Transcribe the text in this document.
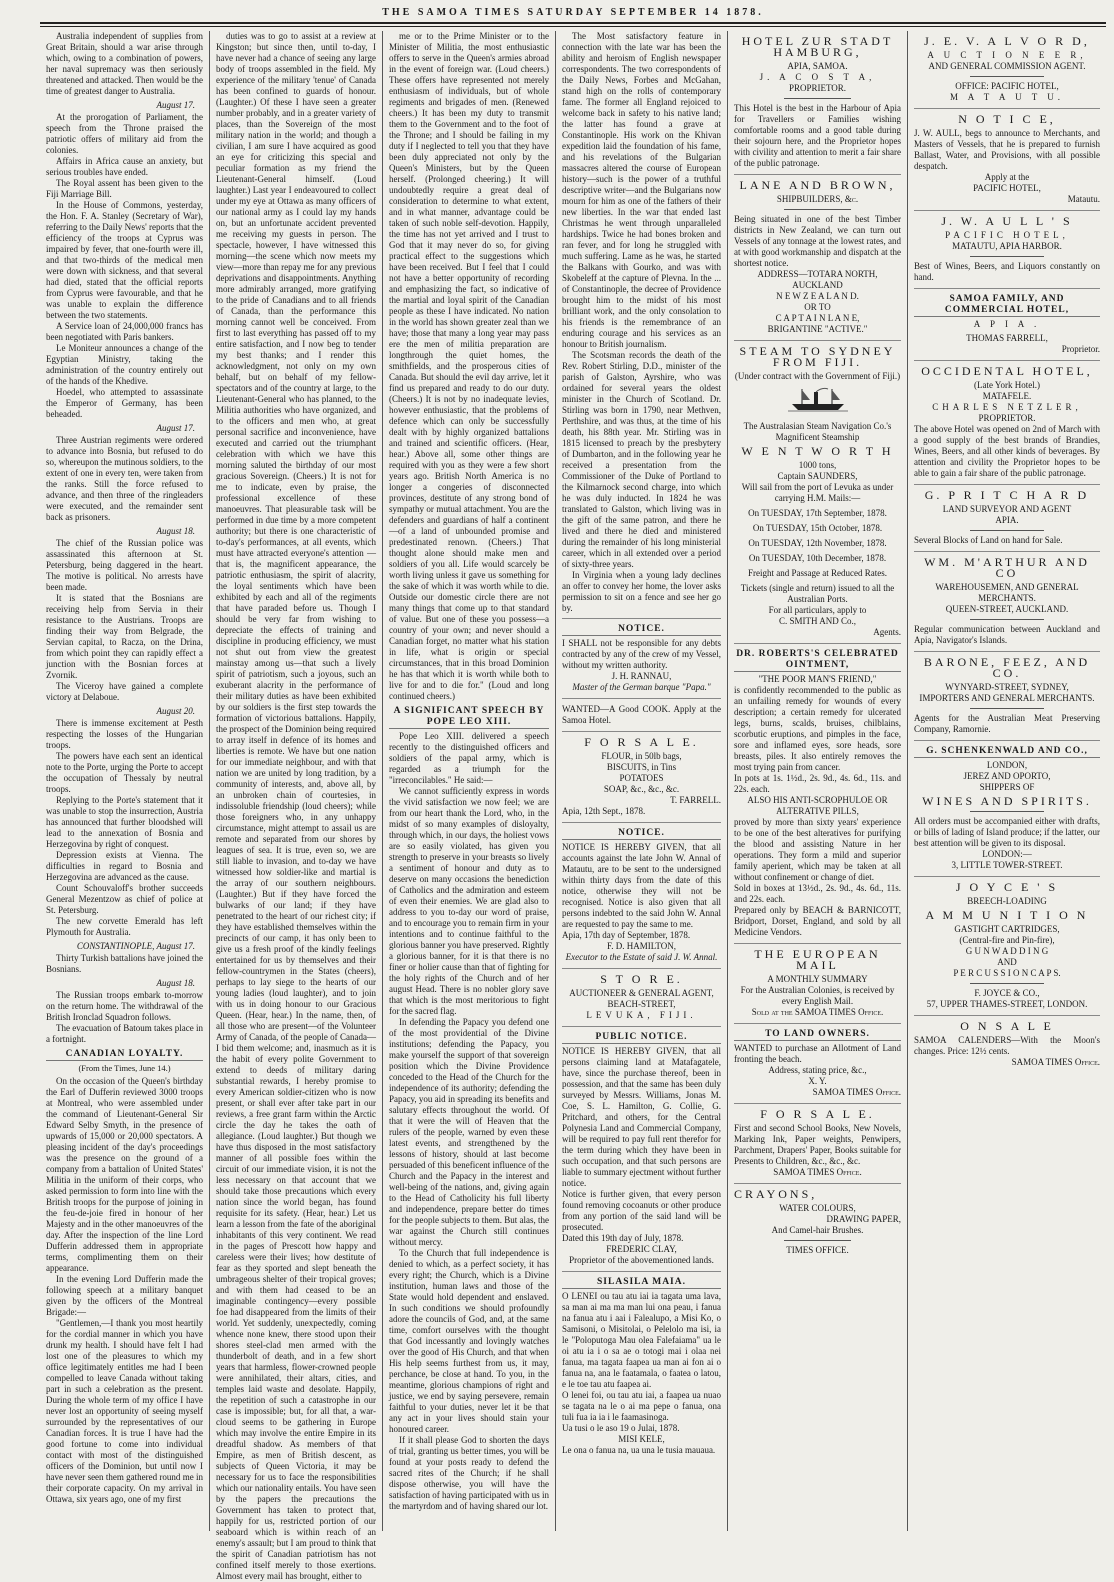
THE SAMOA TIMES SATURDAY SEPTEMBER 14 1878.

Australia independent of supplies from Great Britain, should a war arise through which, owing to a combination of powers, her naval supremacy was then seriously threatened and attacked. Then would be the time of greatest danger to Australia.

August 17.

At the prorogation of Parliament, the speech from the Throne praised the patriotic offers of military aid from the colonies.

Affairs in Africa cause an anxiety, but serious troubles have ended.

The Royal assent has been given to the Fiji Marriage Bill.

In the House of Commons, yesterday, the Hon. F. A. Stanley (Secretary of War), referring to the Daily News' reports that the efficiency of the troops at Cyprus was impaired by fever, that one-fourth were ill, and that two-thirds of the medical men were down with sickness, and that several had died, stated that the official reports from Cyprus were favourable, and that he was unable to explain the difference between the two statements.

A Service loan of 24,000,000 francs has been negotiated with Paris bankers.

Le Moniteur announces a change of the Egyptian Ministry, taking the administration of the country entirely out of the hands of the Khedive.

Hoedel, who attempted to assassinate the Emperor of Germany, has been beheaded.

August 17.

Three Austrian regiments were ordered to advance into Bosnia, but refused to do so, whereupon the mutinous soldiers, to the extent of one in every ten, were taken from the ranks. Still the force refused to advance, and then three of the ringleaders were executed, and the remainder sent back as prisoners.

August 18.

The chief of the Russian police was assassinated this afternoon at St. Petersburg, being daggered in the heart. The motive is political. No arrests have been made.

It is stated that the Bosnians are receiving help from Servia in their resistance to the Austrians. Troops are finding their way from Belgrade, the Servian capital, to Racza, on the Drina, from which point they can rapidly effect a junction with the Bosnian forces at Zvornik.

The Viceroy have gained a complete victory at Delaboue.

August 20.

There is immense excitement at Pesth respecting the losses of the Hungarian troops.

The powers have each sent an identical note to the Porte, urging the Porte to accept the occupation of Thessaly by neutral troops.

Replying to the Porte's statement that it was unable to stop the insurrection, Austria has announced that further bloodshed will lead to the annexation of Bosnia and Herzegovina by right of conquest.

Depression exists at Vienna. The difficulties in regard to Bosnia and Herzegovina are advanced as the cause.

Count Schouvaloff's brother succeeds General Mezentzow as chief of police at St. Petersburg.

The new corvette Emerald has left Plymouth for Australia.

CONSTANTINOPLE, August 17.

Thirty Turkish battalions have joined the Bosnians.

August 18.

The Russian troops embark to-morrow on the return home. The withdrawal of the British Ironclad Squadron follows.

The evacuation of Batoum takes place in a fortnight.

CANADIAN LOYALTY.
(From the Times, June 14.)

On the occasion of the Queen's birthday the Earl of Dufferin reviewed 3000 troops at Montreal, who were assembled under the command of Lieutenant-General Sir Edward Selby Smyth, in the presence of upwards of 15,000 or 20,000 spectators. A pleasing incident of the day's proceedings was the presence on the ground of a company from a battalion of United States' Militia in the uniform of their corps, who asked permission to form into line with the British troops for the purpose of joining in the feu-de-joie fired in honour of her Majesty and in the other manoeuvres of the day. After the inspection of the line Lord Dufferin addressed them in appropriate terms, complimenting them on their appearance.

In the evening Lord Dufferin made the following speech at a military banquet given by the officers of the Montreal Brigade:—

"Gentlemen,—I thank you most heartily for the cordial manner in which you have drunk my health. I should have felt I had lost one of the pleasures to which my office legitimately entitles me had I been compelled to leave Canada without taking part in such a celebration as the present. During the whole term of my office I have never lost an opportunity of seeing myself surrounded by the representatives of our Canadian forces. It is true I have had the good fortune to come into individual contact with most of the distinguished officers of the Dominion, but until now I have never seen them gathered round me in their corporate capacity. On my arrival in Ottawa, six years ago, one of my first

duties was to go to assist at a review at Kingston; but since then, until to-day, I have never had a chance of seeing any large body of troops assembled in the field. My experience of the military 'tenue' of Canada has been confined to guards of honour. (Laughter.) Of these I have seen a greater number probably, and in a greater variety of places, than the Sovereign of the most military nation in the world; and though a civilian, I am sure I have acquired as good an eye for criticizing this special and peculiar formation as my friend the Lieutenant-General himself. (Loud laughter.) Last year I endeavoured to collect under my eye at Ottawa as many officers of our national army as I could lay my hands on, but an unfortunate accident prevented me receiving my guests in person. The spectacle, however, I have witnessed this morning—the scene which now meets my view—more than repay me for any previous deprivations and disappointments. Anything more admirably arranged, more gratifying to the pride of Canadians and to all friends of Canada, than the performance this morning cannot well be conceived. From first to last everything has passed off to my entire satisfaction, and I now beg to tender my best thanks; and I render this acknowledgment, not only on my own behalf, but on behalf of my fellow-spectators and of the country at large, to the Lieutenant-General who has planned, to the Militia authorities who have organized, and to the officers and men who, at great personal sacrifice and inconvenience, have executed and carried out the triumphant celebration with which we have this morning saluted the birthday of our most gracious Sovereign. (Cheers.) It is not for me to indicate, even by praise, the professional excellence of these manoeuvres. That pleasurable task will be performed in due time by a more competent authority; but there is one characteristic of to-day's performances, at all events, which must have attracted everyone's attention —that is, the magnificent appearance, the patriotic enthusiasm, the spirit of alacrity, the loyal sentiments which have been exhibited by each and all of the regiments that have paraded before us. Though I should be very far from wishing to depreciate the effects of training and discipline in producing efficiency, we must not shut out from view the greatest mainstay among us—that such a lively spirit of patriotism, such a joyous, such an exuberant alacrity in the performance of their military duties as have been exhibited by our soldiers is the first step towards the formation of victorious battalions. Happily, the prospect of the Dominion being required to array itself in defence of its homes and liberties is remote. We have but one nation for our immediate neighbour, and with that nation we are united by long tradition, by a community of interests, and, above all, by an unbroken chain of courtesies, in indissoluble friendship (loud cheers); while those foreigners who, in any unhappy circumstance, might attempt to assail us are remote and separated from our shores by leagues of sea. It is true, even so, we are still liable to invasion, and to-day we have witnessed how soldier-like and martial is the array of our southern neighbours. (Laughter.) But if they have forced the bulwarks of our land; if they have penetrated to the heart of our richest city; if they have established themselves within the precincts of our camp, it has only been to give us a fresh proof of the kindly feelings entertained for us by themselves and their fellow-countrymen in the States (cheers), perhaps to lay siege to the hearts of our young ladies (loud laughter), and to join with us in doing honour to our Gracious Queen. (Hear, hear.) In the name, then, of all those who are present—of the Volunteer Army of Canada, of the people of Canada—I bid them welcome; and, inasmuch as it is the habit of every polite Government to extend to deeds of military daring substantial rewards, I hereby promise to every American soldier-citizen who is now present, or shall ever after take part in our reviews, a free grant farm within the Arctic circle the day he takes the oath of allegiance. (Loud laughter.) But though we have thus disposed in the most satisfactory manner of all possible foes within the circuit of our immediate vision, it is not the less necessary on that account that we should take those precautions which every nation since the world began, has found requisite for its safety. (Hear, hear.) Let us learn a lesson from the fate of the aboriginal inhabitants of this very continent. We read in the pages of Prescott how happy and careless were their lives; how destitute of fear as they sported and slept beneath the umbrageous shelter of their tropical groves; and with them had ceased to be an imaginable contingency—every possible foe had disappeared from the limits of their world. Yet suddenly, unexpectedly, coming whence none knew, there stood upon their shores steel-clad men armed with the thunderbolt of death, and in a few short years that harmless, flower-crowned people were annihilated, their altars, cities, and temples laid waste and desolate. Happily, the repetition of such a catastrophe in our case is impossible; but, for all that, a war-cloud seems to be gathering in Europe which may involve the entire Empire in its dreadful shadow. As members of that Empire, as men of British descent, as subjects of Queen Victoria, it may be necessary for us to face the responsibilities which our nationality entails. You have seen by the papers the precautions the Government has taken to protect that, happily for us, restricted portion of our seaboard which is within reach of an enemy's assault; but I am proud to think that the spirit of Canadian patriotism has not confined itself merely to those exertions. Almost every mail has brought, either to

me or to the Prime Minister or to the Minister of Militia, the most enthusiastic offers to serve in the Queen's armies abroad in the event of foreign war. (Loud cheers.) These offers have represented not merely enthusiasm of individuals, but of whole regiments and brigades of men. (Renewed cheers.) It has been my duty to transmit them to the Government and to the foot of the Throne; and I should be failing in my duty if I neglected to tell you that they have been duly appreciated not only by the Queen's Ministers, but by the Queen herself. (Prolonged cheering.) It will undoubtedly require a great deal of consideration to determine to what extent, and in what manner, advantage could be taken of such noble self-devotion. Happily, the time has not yet arrived and I trust to God that it may never do so, for giving practical effect to the suggestions which have been received. But I feel that I could not have a better opportunity of recording and emphasizing the fact, so indicative of the martial and loyal spirit of the Canadian people as these I have indicated. No nation in the world has shown greater zeal than we have; those that many a long year may pass ere the men of militia preparation are longthrough the quiet homes, the smithfields, and the prosperous cities of Canada. But should the evil day arrive, let it find us prepared and ready to do our duty. (Cheers.) It is not by no inadequate levies, however enthusiastic, that the problems of defence which can only be successfully dealt with by highly organized battalions and trained and scientific officers. (Hear, hear.) Above all, some other things are required with you as they were a few short years ago. British North America is no longer a congeries of disconnected provinces, destitute of any strong bond of sympathy or mutual attachment. You are the defenders and guardians of half a continent—of a land of unbounded promise and predestinated renown. (Cheers.) That thought alone should make men and soldiers of you all. Life would scarcely be worth living unless it gave us something for the sake of which it was worth while to die. Outside our domestic circle there are not many things that come up to that standard of value. But one of these you possess—a country of your own; and never should a Canadian forget, no matter what his station in life, what is origin or special circumstances, that in this broad Dominion he has that which it is worth while both to live for and to die for." (Loud and long continued cheers.)

A SIGNIFICANT SPEECH BY POPE LEO XIII.

Pope Leo XIII. delivered a speech recently to the distinguished officers and soldiers of the papal army, which is regarded as a triumph for the "irreconcilables." He said:—

We cannot sufficiently express in words the vivid satisfaction we now feel; we are from our heart thank the Lord, who, in the midst of so many examples of disloyalty, through which, in our days, the holiest vows are so easily violated, has given you strength to preserve in your breasts so lively a sentiment of honour and duty as to deserve on many occasions the benediction of Catholics and the admiration and esteem of even their enemies. We are glad also to address to you to-day our word of praise, and to encourage you to remain firm in your intentions and to continue faithful to the glorious banner you have preserved. Rightly a glorious banner, for it is that there is no finer or holier cause than that of fighting for the holy rights of the Church and of her august Head. There is no nobler glory save that which is the most meritorious to fight for the sacred flag.

In defending the Papacy you defend one of the most providential of the Divine institutions; defending the Papacy, you make yourself the support of that sovereign position which the Divine Providence conceded to the Head of the Church for the independence of its authority; defending the Papacy, you aid in spreading its benefits and salutary effects throughout the world. Of that it were the will of Heaven that the rulers of the people, warned by even these latest events, and strengthened by the lessons of history, should at last become persuaded of this beneficent influence of the Church and the Papacy in the interest and well-being of the nations, and, giving again to the Head of Catholicity his full liberty and independence, prepare better do times for the people subjects to them. But alas, the war against the Church still continues without mercy.

To the Church that full independence is denied to which, as a perfect society, it has every right; the Church, which is a Divine institution, human laws and those of the State would hold dependent and enslaved. In such conditions we should profoundly adore the councils of God, and, at the same time, comfort ourselves with the thought that God incessantly and lovingly watches over the good of His Church, and that when His help seems furthest from us, it may, perchance, be close at hand. To you, in the meantime, glorious champions of right and justice, we end by saying persevere, remain faithful to your duties, never let it be that any act in your lives should stain your honoured career.

If it shall please God to shorten the days of trial, granting us better times, you will be found at your posts ready to defend the sacred rites of the Church; if he shall dispose otherwise, you will have the satisfaction of having participated with us in the martyrdom and of having shared our lot.

The Most satisfactory feature in connection with the late war has been the ability and heroism of English newspaper correspondents. The two correspondents of the Daily News, Forbes and McGahan, stand high on the rolls of contemporary fame. The former all England rejoiced to welcome back in safety to his native land; the latter has found a grave at Constantinople. His work on the Khivan expedition laid the foundation of his fame, and his revelations of the Bulgarian massacres altered the course of European history—such is the power of a truthful descriptive writer—and the Bulgarians now mourn for him as one of the fathers of their new liberties. In the war that ended last Christmas he went through unparalleled hardships. Twice he had bones broken and ran fever, and for long he struggled with much suffering. Lame as he was, he started the Balkans with Gourko, and was with Skobeleff at the capture of Plevna. In the ... of Constantinople, the decree of Providence brought him to the midst of his most brilliant work, and the only consolation to his friends is the remembrance of an enduring courage and his services as an honour to British journalism.

The Scotsman records the death of the Rev. Robert Stirling, D.D., minister of the parish of Galston, Ayrshire, who was ordained for several years the oldest minister in the Church of Scotland. Dr. Stirling was born in 1790, near Methven, Perthshire, and was thus, at the time of his death, his 88th year. Mr. Stirling was in 1815 licensed to preach by the presbytery of Dumbarton, and in the following year he received a presentation from the Commissioner of the Duke of Portland to the Kilmarnock second charge, into which he was duly inducted. In 1824 he was translated to Galston, which living was in the gift of the same patron, and there he lived and there he died and ministered during the remainder of his long ministerial career, which in all extended over a period of sixty-three years.

In Virginia when a young lady declines an offer to convey her home, the lover asks permission to sit on a fence and see her go by.

NOTICE.

I SHALL not be responsible for any debts contracted by any of the crew of my Vessel, without my written authority.

J. H. RANNAU,

Master of the German barque "Papa."

WANTED—A Good COOK. Apply at the Samoa Hotel.

F O R S A L E.

FLOUR, in 50lb bags,

BISCUITS, in Tins

POTATOES

SOAP, &c., &c., &c.

T. FARRELL.

Apia, 12th Sept., 1878.

NOTICE.

NOTICE IS HEREBY GIVEN, that all accounts against the late John W. Annal of Matautu, are to be sent to the undersigned within thirty days from the date of this notice, otherwise they will not be recognised. Notice is also given that all persons indebted to the said John W. Annal are requested to pay the same to me.

Apia, 17th day of September, 1878.

F. D. HAMILTON,

Executor to the Estate of said J. W. Annal.

S T O R E.

AUCTIONEER & GENERAL AGENT,

BEACH-STREET,

LEVUKA, FIJI.

PUBLIC NOTICE.

NOTICE IS HEREBY GIVEN, that all persons claiming land at Matafagatele, have, since the purchase thereof, been in possession, and that the same has been duly surveyed by Messrs. Williams, Jonas M. Coe, S. L. Hamilton, G. Collie, G. Pritchard, and others, for the Central Polynesia Land and Commercial Company, will be required to pay full rent therefor for the term during which they have been in such occupation, and that such persons are liable to summary ejectment without further notice.

Notice is further given, that every person found removing cocoanuts or other produce from any portion of the said land will be prosecuted.

Dated this 19th day of July, 1878.

FREDERIC CLAY,

Proprietor of the abovementioned lands.

SILASILA MAIA.

O LENEI ou tau atu iai ia tagata uma lava, sa man ai ma ma man lui ona peau, i fanua na fanua atu i aai i Falealupo, a Misi Ko, o Samisoni, o Misitolai, o Pelelolo ma isi, ia le "Poloputoga Mau olea Falefaiama" ua le oi atu ia i o sa ae o totogi mai i olaa nei fanua, ma tagata faapea ua man ai fon ai o fanua na, ana le faatamala, o faatea o latou, e le toe tau atu faapea ai.

O lenei foi, ou tau atu iai, a faapea ua nuao se tagata na le o ai ma pepe o fanua, ona tuli fua ia ia i le faamasinoga.

Ua tusi o le aso 19 o Julai, 1878.

MISI KELE,

Le ona o fanua na, ua una le tusia mauaua.

HOTEL ZUR STADT HAMBURG,

APIA, SAMOA.

J. A C O S T A,

PROPRIETOR.

This Hotel is the best in the Harbour of Apia for Travellers or Families wishing comfortable rooms and a good table during their sojourn here, and the Proprietor hopes with civility and attention to merit a fair share of the public patronage.

LANE AND BROWN,

SHIPBUILDERS, &c.

Being situated in one of the best Timber districts in New Zealand, we can turn out Vessels of any tonnage at the lowest rates, and at with good workmanship and dispatch at the shortest notice.

ADDRESS—TOTARA NORTH, AUCKLAND

N E W Z E A L A N D.

OR TO

C A P T A I N L A N E,

BRIGANTINE "ACTIVE."

STEAM TO SYDNEY FROM FIJI.

(Under contract with the Government of Fiji.)

The Australasian Steam Navigation Co.'s Magnificent Steamship

W E N T W O R T H

1000 tons,

Captain SAUNDERS,

Will sail from the port of Levuka as under carrying H.M. Mails:—

On TUESDAY, 17th September, 1878.

On TUESDAY, 15th October, 1878.

On TUESDAY, 12th November, 1878.

On TUESDAY, 10th December, 1878.

Freight and Passage at Reduced Rates.

Tickets (single and return) issued to all the Australian Ports.

For all particulars, apply to

C. SMITH AND Co.,

Agents.

DR. ROBERTS'S CELEBRATED OINTMENT,

"THE POOR MAN'S FRIEND,"

is confidently recommended to the public as an unfailing remedy for wounds of every description; a certain remedy for ulcerated legs, burns, scalds, bruises, chilblains, scorbutic eruptions, and pimples in the face, sore and inflamed eyes, sore heads, sore breasts, piles. It also entirely removes the most trying pain from cancer.

In pots at 1s. 1½d., 2s. 9d., 4s. 6d., 11s. and 22s. each.

ALSO HIS ANTI-SCROPHULOE OR ALTERATIVE PILLS,

proved by more than sixty years' experience to be one of the best alteratives for purifying the blood and assisting Nature in her operations. They form a mild and superior family aperient, which may be taken at all without confinement or change of diet.

Sold in boxes at 13½d., 2s. 9d., 4s. 6d., 11s. and 22s. each.

Prepared only by BEACH & BARNICOTT, Bridport, Dorset, England, and sold by all Medicine Vendors.

THE EUROPEAN MAIL

A MONTHLY SUMMARY

For the Australian Colonies, is received by every English Mail.

Sold at the SAMOA TIMES Office.

TO LAND OWNERS.

WANTED to purchase an Allotment of Land fronting the beach.

Address, stating price, &c.,

X. Y.

SAMOA TIMES Office.

F O R S A L E.

First and second School Books, New Novels, Marking Ink, Paper weights, Penwipers, Parchment, Drapers' Paper, Books suitable for Presents to Children, &c., &c., &c.

SAMOA TIMES Office.

CRAYONS,

WATER COLOURS,

DRAWING PAPER,

And Camel-hair Brushes.

TIMES OFFICE.

J. E. V. A L V O R D,

A U C T I O N E E R,

AND GENERAL COMMISSION AGENT.

OFFICE: PACIFIC HOTEL,

M A T A U T U.

N O T I C E,

J. W. AULL, begs to announce to Merchants, and Masters of Vessels, that he is prepared to furnish Ballast, Water, and Provisions, with all possible despatch.

Apply at the

PACIFIC HOTEL,

Matautu.

J. W. A U L L ' S

PACIFIC HOTEL,

MATAUTU, APIA HARBOR.

Best of Wines, Beers, and Liquors constantly on hand.

SAMOA FAMILY, AND COMMERCIAL HOTEL,

A P I A .

THOMAS FARRELL,

Proprietor.

OCCIDENTAL HOTEL,

(Late York Hotel.)

MATAFELE.

CHARLES NETZLER,

PROPRIETOR.

The above Hotel was opened on 2nd of March with a good supply of the best brands of Brandies, Wines, Beers, and all other kinds of beverages. By attention and civility the Proprietor hopes to be able to gain a fair share of the public patronage.

G. P R I T C H A R D

LAND SURVEYOR AND AGENT

APIA.

Several Blocks of Land on hand for Sale.

WM. M'ARTHUR AND CO

WAREHOUSEMEN, AND GENERAL MERCHANTS.

QUEEN-STREET, AUCKLAND.

Regular communication between Auckland and Apia, Navigator's Islands.

BARONE, FEEZ, AND CO.

WYNYARD-STREET, SYDNEY,

IMPORTERS AND GENERAL MERCHANTS.

Agents for the Australian Meat Preserving Company, Ramornie.

G. SCHENKENWALD AND CO.,

LONDON,

JEREZ AND OPORTO,

SHIPPERS OF

WINES AND SPIRITS.

All orders must be accompanied either with drafts, or bills of lading of Island produce; if the latter, our best attention will be given to its disposal.

LONDON:—

3, LITTLE TOWER-STREET.

J O Y C E ' S

BREECH-LOADING

A M M U N I T I O N

GASTIGHT CARTRIDGES,

(Central-fire and Pin-fire),

G U N W A D D I N G

AND

P E R C U S S I O N C A P S.

F. JOYCE & CO.,

57, UPPER THAMES-STREET, LONDON.

O N S A L E

SAMOA CALENDERS—With the Moon's changes. Price: 12½ cents.

SAMOA TIMES Office.
